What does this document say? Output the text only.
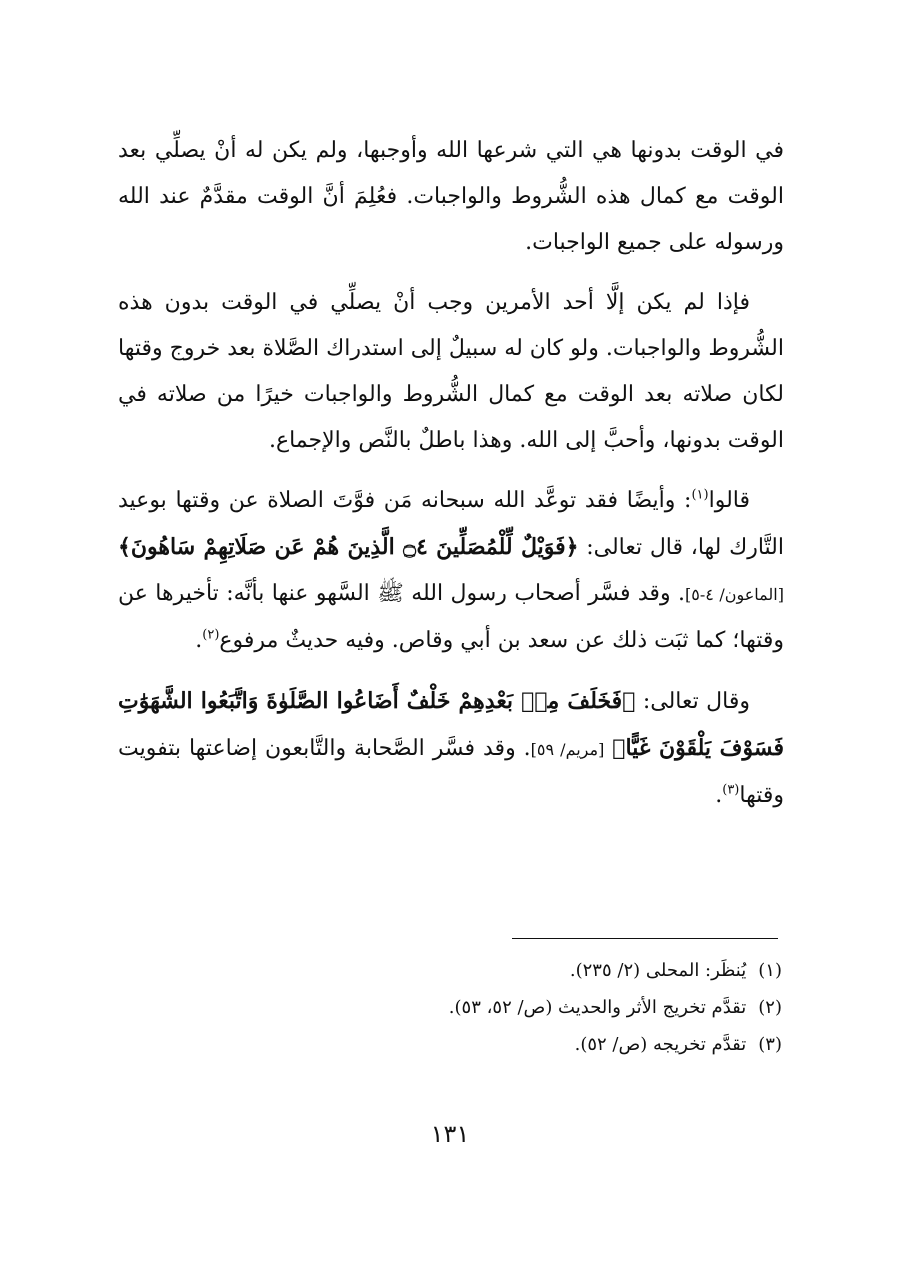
في الوقت بدونها هي التي شرعها الله وأوجبها، ولم يكن له أنْ يصلِّي بعد الوقت مع كمال هذه الشُّروط والواجبات. فعُلِمَ أنَّ الوقت مقدَّمٌ عند الله ورسوله على جميع الواجبات.

فإذا لم يكن إلَّا أحد الأمرين وجب أنْ يصلِّي في الوقت بدون هذه الشُّروط والواجبات. ولو كان له سبيلٌ إلى استدراك الصَّلاة بعد خروج وقتها لكان صلاته بعد الوقت مع كمال الشُّروط والواجبات خيرًا من صلاته في الوقت بدونها، وأحبَّ إلى الله. وهذا باطلٌ بالنَّص والإجماع.

قالوا$^{(١)}$: وأيضًا فقد توعَّد الله سبحانه مَن فوَّتَ الصلاة عن وقتها بوعيد التَّارك لها، قال تعالى: ﴿فَوَيْلٌ لِّلْمُصَلِّينَ ۝٤ الَّذِينَ هُمْ عَن صَلَاتِهِمْ سَاهُونَ﴾ [الماعون/ ٤-٥]. وقد فسَّر أصحاب رسول الله ﷺ السَّهو عنها بأنَّه: تأخيرها عن وقتها؛ كما ثبَت ذلك عن سعد بن أبي وقاص. وفيه حديثٌ مرفوع$^{(٢)}$.

وقال تعالى: ﴿فَخَلَفَ مِنۢ بَعْدِهِمْ خَلْفٌ أَضَاعُوا الصَّلَوٰةَ وَاتَّبَعُوا الشَّهَوَٰتِ فَسَوْفَ يَلْقَوْنَ غَيًّا﴾ [مريم/ ٥٩]. وقد فسَّر الصَّحابة والتَّابعون إضاعتها بتفويت وقتها$^{(٣)}$.

(١)يُنظَر: المحلى (٢/ ٢٣٥).

(٢)تقدَّم تخريج الأثر والحديث (ص/ ٥٢، ٥٣).

(٣)تقدَّم تخريجه (ص/ ٥٢).

١٣١
